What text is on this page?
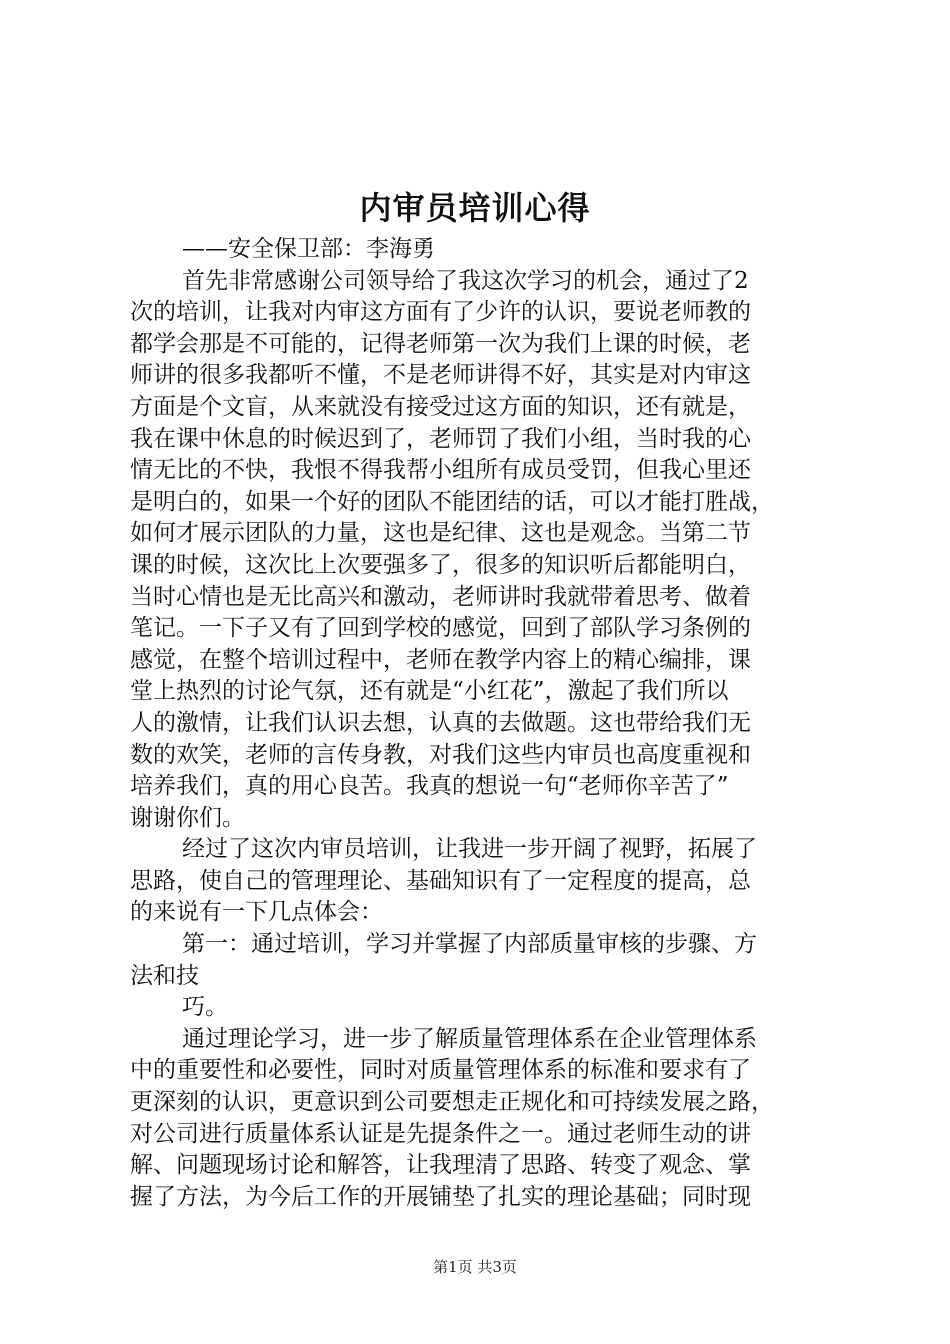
内审员培训心得
——安全保卫部：李海勇
首先非常感谢公司领导给了我这次学习的机会，通过了2
次的培训，让我对内审这方面有了少许的认识，要说老师教的
都学会那是不可能的，记得老师第一次为我们上课的时候，老
师讲的很多我都听不懂，不是老师讲得不好，其实是对内审这
方面是个文盲，从来就没有接受过这方面的知识，还有就是，
我在课中休息的时候迟到了，老师罚了我们小组，当时我的心
情无比的不快，我恨不得我帮小组所有成员受罚，但我心里还
是明白的，如果一个好的团队不能团结的话，可以才能打胜战，
如何才展示团队的力量，这也是纪律、这也是观念。当第二节
课的时候，这次比上次要强多了，很多的知识听后都能明白，
当时心情也是无比高兴和激动，老师讲时我就带着思考、做着
笔记。一下子又有了回到学校的感觉，回到了部队学习条例的
感觉，在整个培训过程中，老师在教学内容上的精心编排，课
堂上热烈的讨论气氛，还有就是“小红花”，激起了我们所以
人的激情，让我们认识去想，认真的去做题。这也带给我们无
数的欢笑，老师的言传身教，对我们这些内审员也高度重视和
培养我们，真的用心良苦。我真的想说一句“老师你辛苦了”
谢谢你们。
经过了这次内审员培训，让我进一步开阔了视野，拓展了
思路，使自己的管理理论、基础知识有了一定程度的提高，总
的来说有一下几点体会：
第一：通过培训，学习并掌握了内部质量审核的步骤、方
法和技
巧。
通过理论学习，进一步了解质量管理体系在企业管理体系
中的重要性和必要性，同时对质量管理体系的标准和要求有了
更深刻的认识，更意识到公司要想走正规化和可持续发展之路，
对公司进行质量体系认证是先提条件之一。通过老师生动的讲
解、问题现场讨论和解答，让我理清了思路、转变了观念、掌
握了方法，为今后工作的开展铺垫了扎实的理论基础；同时现
第1页 共3页
